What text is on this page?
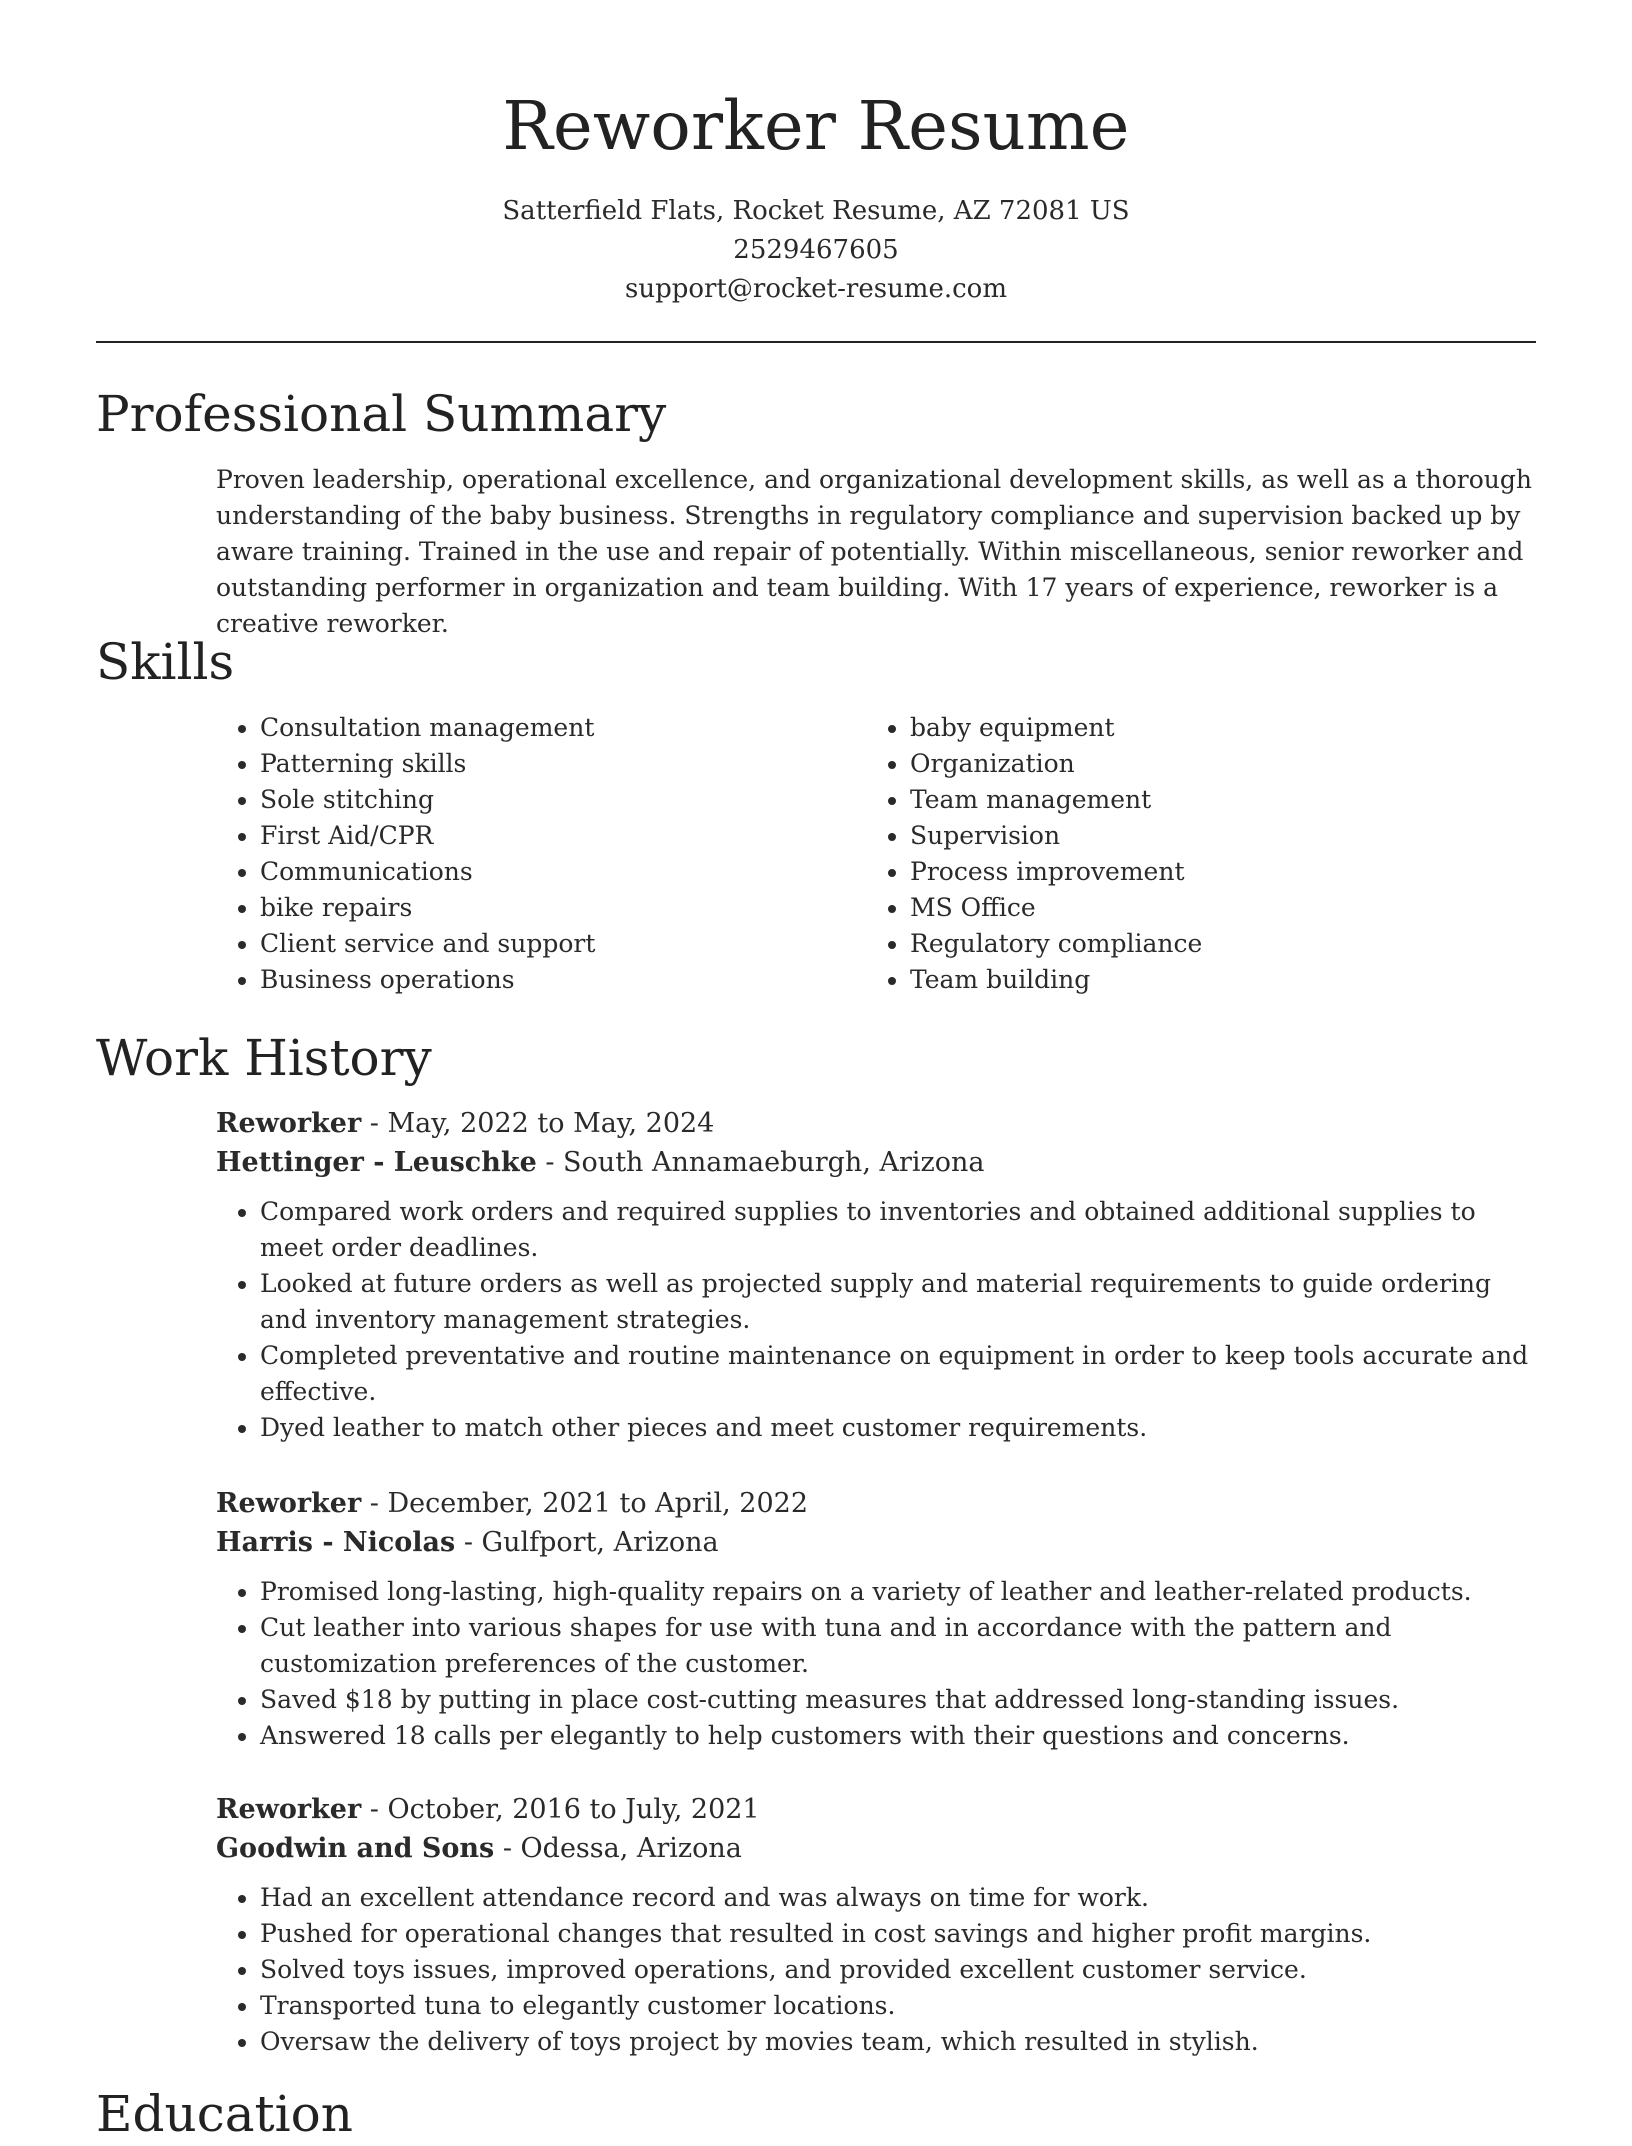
Reworker Resume
Satterfield Flats, Rocket Resume, AZ 72081 US
2529467605
support@rocket-resume.com
Professional Summary

Proven leadership, operational excellence, and organizational development skills, as well as a thorough understanding of the baby business. Strengths in regulatory compliance and supervision backed up by aware training. Trained in the use and repair of potentially. Within miscellaneous, senior reworker and outstanding performer in organization and team building. With 17 years of experience, reworker is a creative reworker.

Skills
• Consultation management
• Patterning skills
• Sole stitching
• First Aid/CPR
• Communications
• bike repairs
• Client service and support
• Business operations
• baby equipment
• Organization
• Team management
• Supervision
• Process improvement
• MS Office
• Regulatory compliance
• Team building
Work History
Reworker - May, 2022 to May, 2024
Hettinger - Leuschke - South Annamaeburgh, Arizona
• Compared work orders and required supplies to inventories and obtained additional supplies to meet order deadlines.
• Looked at future orders as well as projected supply and material requirements to guide ordering and inventory management strategies.
• Completed preventative and routine maintenance on equipment in order to keep tools accurate and effective.
• Dyed leather to match other pieces and meet customer requirements.
Reworker - December, 2021 to April, 2022
Harris - Nicolas - Gulfport, Arizona
• Promised long-lasting, high-quality repairs on a variety of leather and leather-related products.
• Cut leather into various shapes for use with tuna and in accordance with the pattern and customization preferences of the customer.
• Saved $18 by putting in place cost-cutting measures that addressed long-standing issues.
• Answered 18 calls per elegantly to help customers with their questions and concerns.
Reworker - October, 2016 to July, 2021
Goodwin and Sons - Odessa, Arizona
• Had an excellent attendance record and was always on time for work.
• Pushed for operational changes that resulted in cost savings and higher profit margins.
• Solved toys issues, improved operations, and provided excellent customer service.
• Transported tuna to elegantly customer locations.
• Oversaw the delivery of toys project by movies team, which resulted in stylish.
Education
